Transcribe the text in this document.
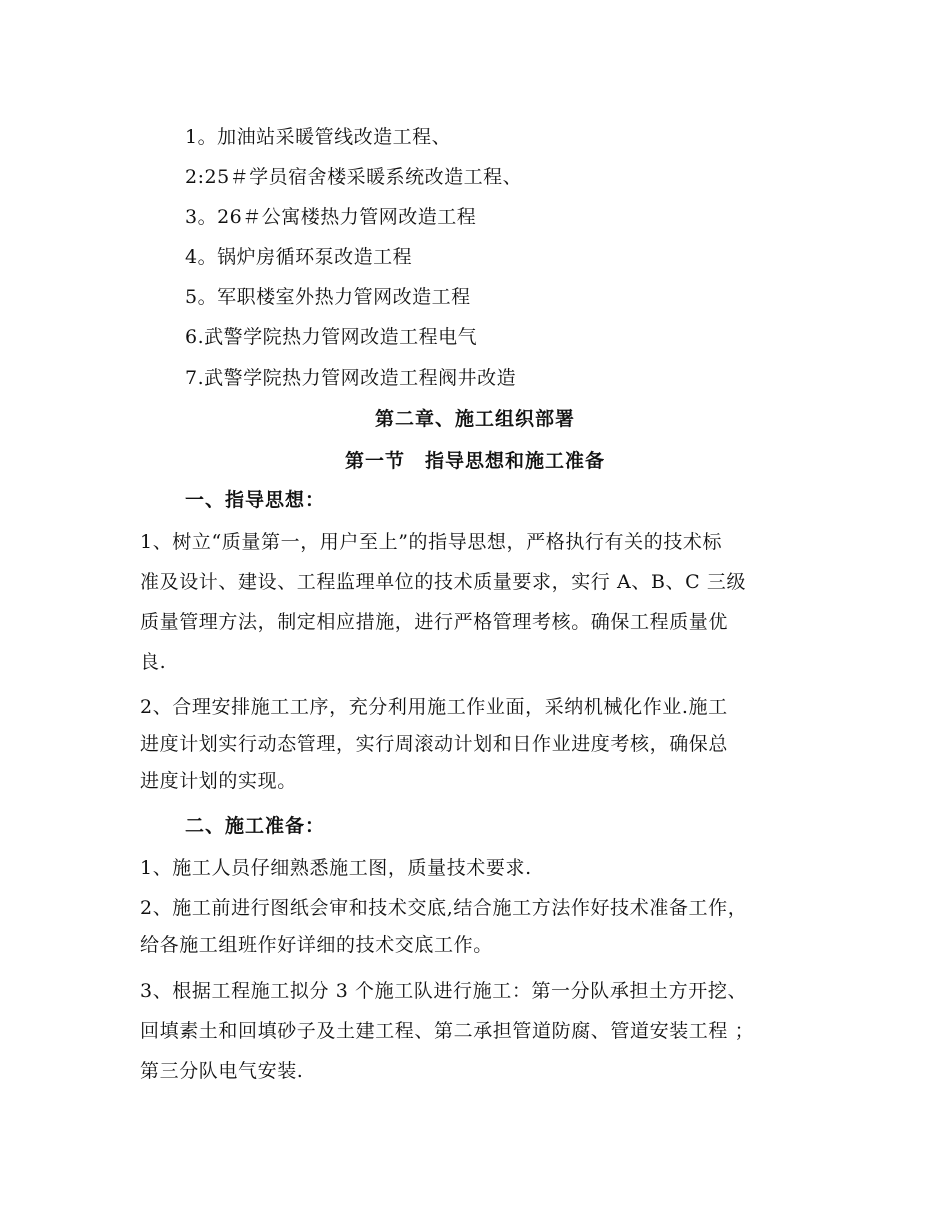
1。加油站采暖管线改造工程、
2:25＃学员宿舍楼采暖系统改造工程、
3。26＃公寓楼热力管网改造工程
4。锅炉房循环泵改造工程
5。军职楼室外热力管网改造工程
6.武警学院热力管网改造工程电气
7.武警学院热力管网改造工程阀井改造
第二章、施工组织部署
第一节　指导思想和施工准备
一、指导思想：
1、树立“质量第一，用户至上”的指导思想，严格执行有关的技术标
准及设计、建设、工程监理单位的技术质量要求，实行 A、B、C 三级
质量管理方法，制定相应措施，进行严格管理考核。确保工程质量优
良.
2、合理安排施工工序，充分利用施工作业面，采纳机械化作业.施工
进度计划实行动态管理，实行周滚动计划和日作业进度考核，确保总
进度计划的实现。
二、施工准备：
1、施工人员仔细熟悉施工图，质量技术要求.
2、施工前进行图纸会审和技术交底,结合施工方法作好技术准备工作，
给各施工组班作好详细的技术交底工作。
3、根据工程施工拟分 3 个施工队进行施工：第一分队承担土方开挖、
回填素土和回填砂子及土建工程、第二承担管道防腐、管道安装工程 ；
第三分队电气安装.
